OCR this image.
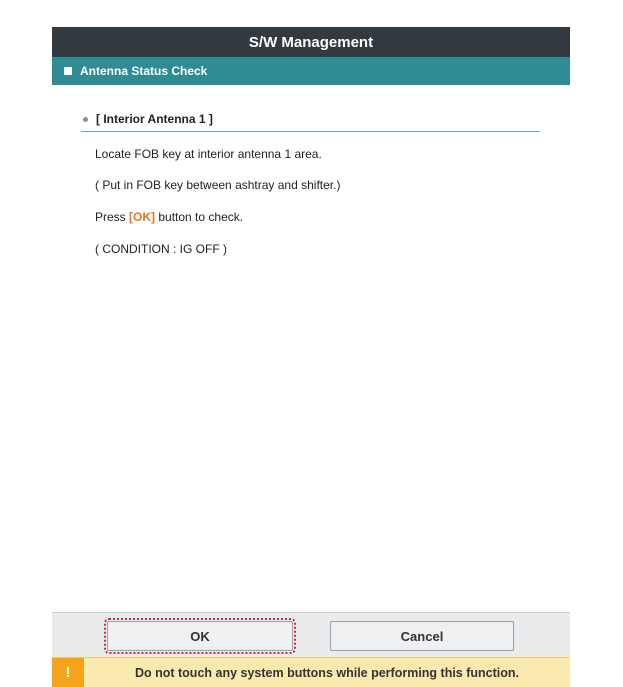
S/W Management
Antenna Status Check
[ Interior Antenna 1 ]
Locate FOB key at interior antenna 1 area.
( Put in FOB key between ashtray and shifter.)
Press [OK] button to check.
( CONDITION : IG OFF )
OK	Cancel
!	Do not touch any system buttons while performing this function.
